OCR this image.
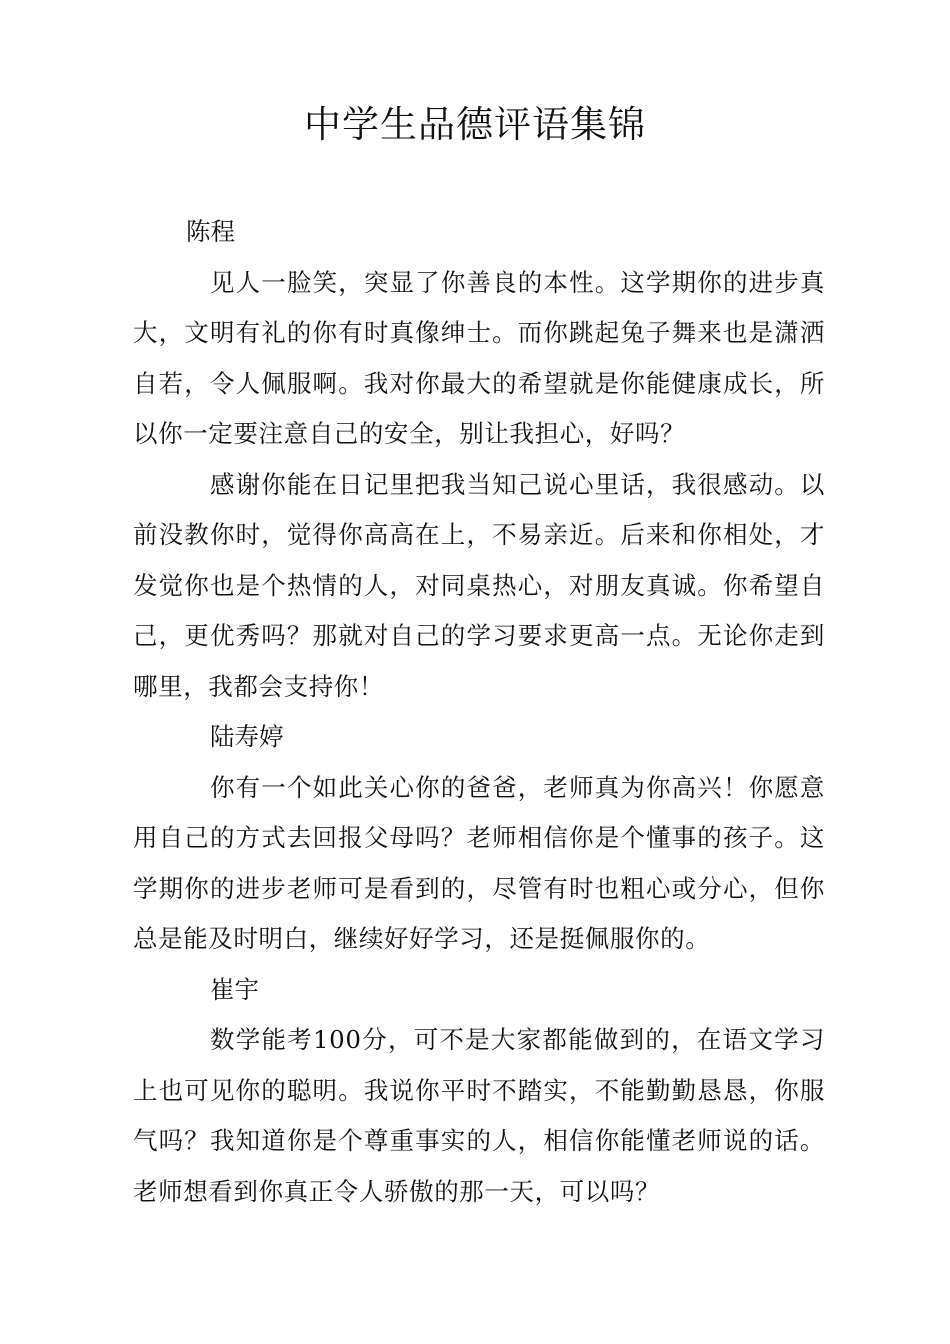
中学生品德评语集锦

陈程

见人一脸笑，突显了你善良的本性。这学期你的进步真大，文明有礼的你有时真像绅士。而你跳起兔子舞来也是潇洒自若，令人佩服啊。我对你最大的希望就是你能健康成长，所以你一定要注意自己的安全，别让我担心，好吗？

感谢你能在日记里把我当知己说心里话，我很感动。以前没教你时，觉得你高高在上，不易亲近。后来和你相处，才发觉你也是个热情的人，对同桌热心，对朋友真诚。你希望自己，更优秀吗？那就对自己的学习要求更高一点。无论你走到哪里，我都会支持你！

陆寿婷

你有一个如此关心你的爸爸，老师真为你高兴！你愿意用自己的方式去回报父母吗？老师相信你是个懂事的孩子。这学期你的进步老师可是看到的，尽管有时也粗心或分心，但你总是能及时明白，继续好好学习，还是挺佩服你的。

崔宇

数学能考100分，可不是大家都能做到的，在语文学习上也可见你的聪明。我说你平时不踏实，不能勤勤恳恳，你服气吗？我知道你是个尊重事实的人，相信你能懂老师说的话。老师想看到你真正令人骄傲的那一天，可以吗？
